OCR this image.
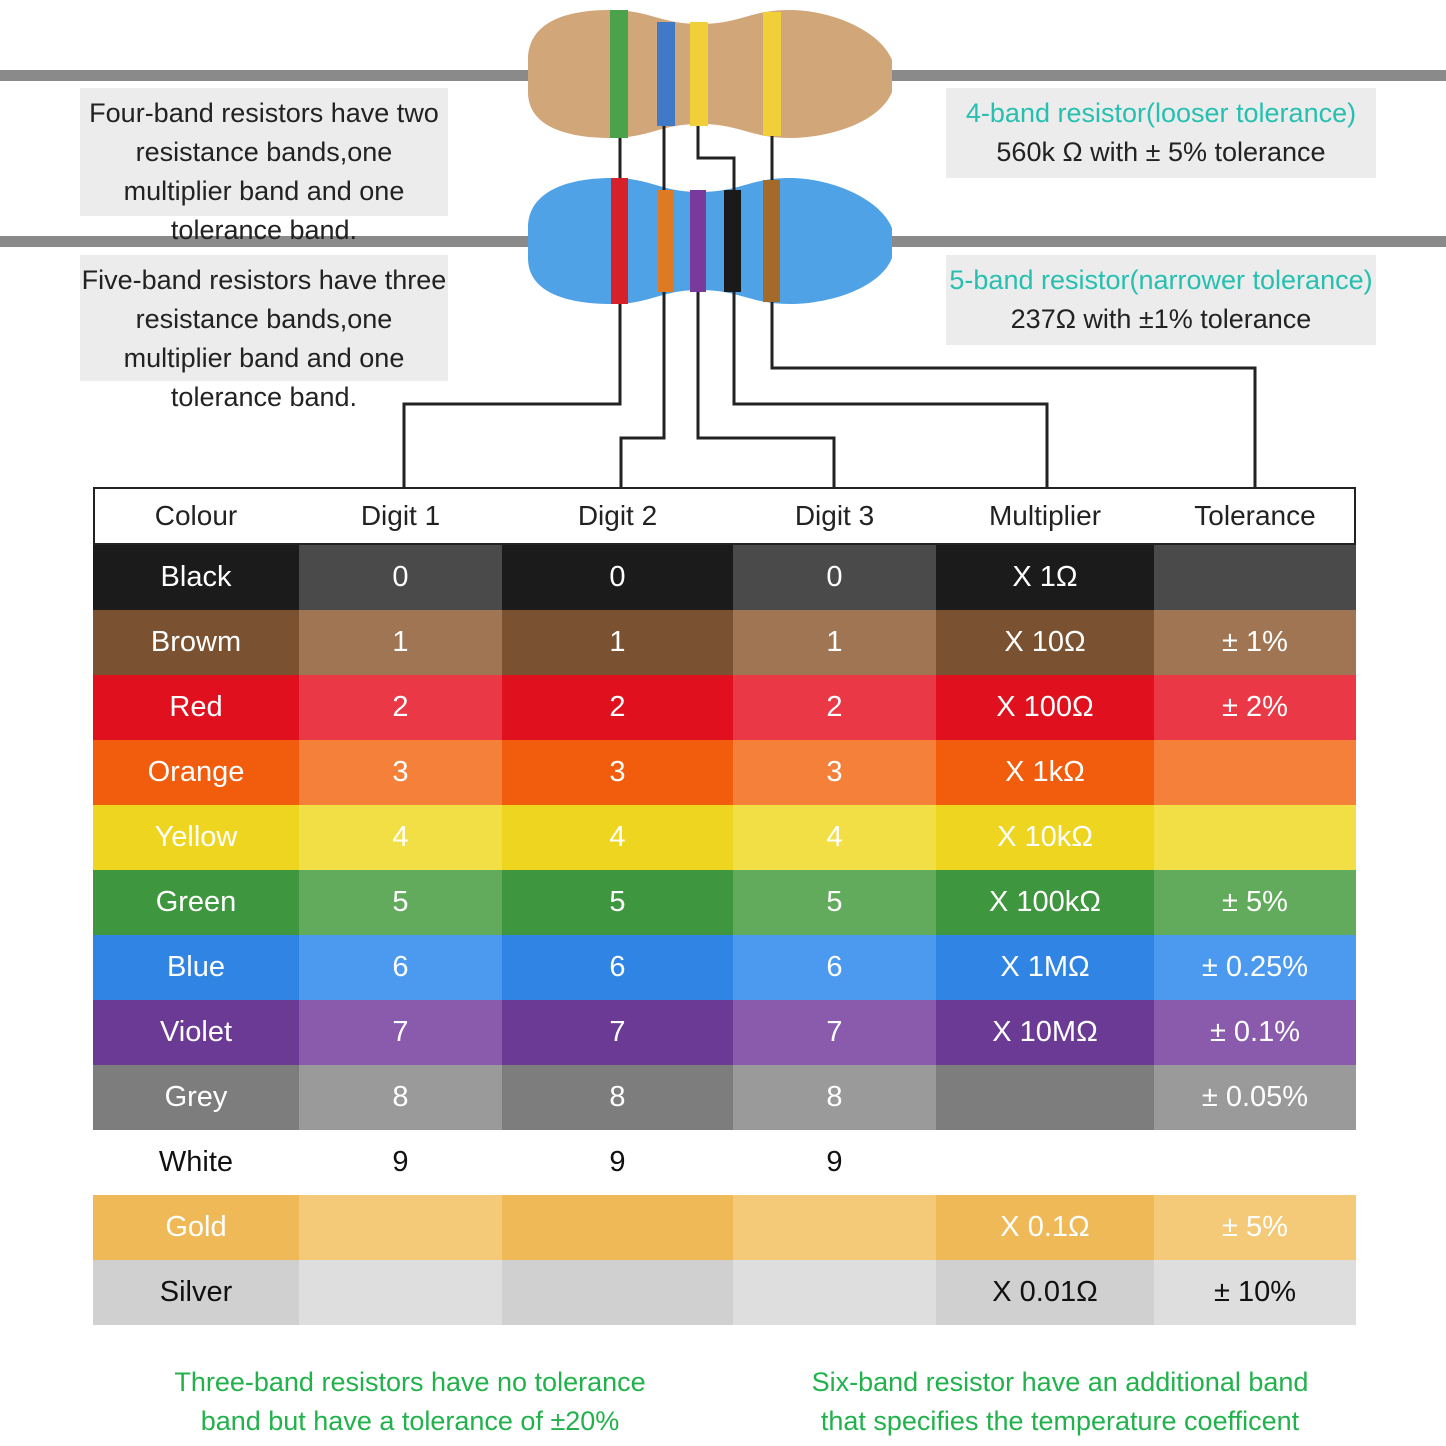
Four-band resistors have two resistance bands,one multiplier band and one tolerance band.
Five-band resistors have three resistance bands,one multiplier band and one tolerance band.
4-band resistor(looser tolerance)
560k Ω with ± 5% tolerance
5-band resistor(narrower tolerance)
237Ω with ±1% tolerance
Colour	Digit 1	Digit 2	Digit 3	Multiplier	Tolerance
Black	0	0	0	X 1Ω	
Browm	1	1	1	X 10Ω	± 1%
Red	2	2	2	X 100Ω	± 2%
Orange	3	3	3	X 1kΩ	
Yellow	4	4	4	X 10kΩ	
Green	5	5	5	X 100kΩ	± 5%
Blue	6	6	6	X 1MΩ	± 0.25%
Violet	7	7	7	X 10MΩ	± 0.1%
Grey	8	8	8		± 0.05%
White	9	9	9		
Gold				X 0.1Ω	± 5%
Silver				X 0.01Ω	± 10%
Three-band resistors have no tolerance band but have a tolerance of ±20%
Six-band resistor have an additional band that specifies the temperature coefficent
